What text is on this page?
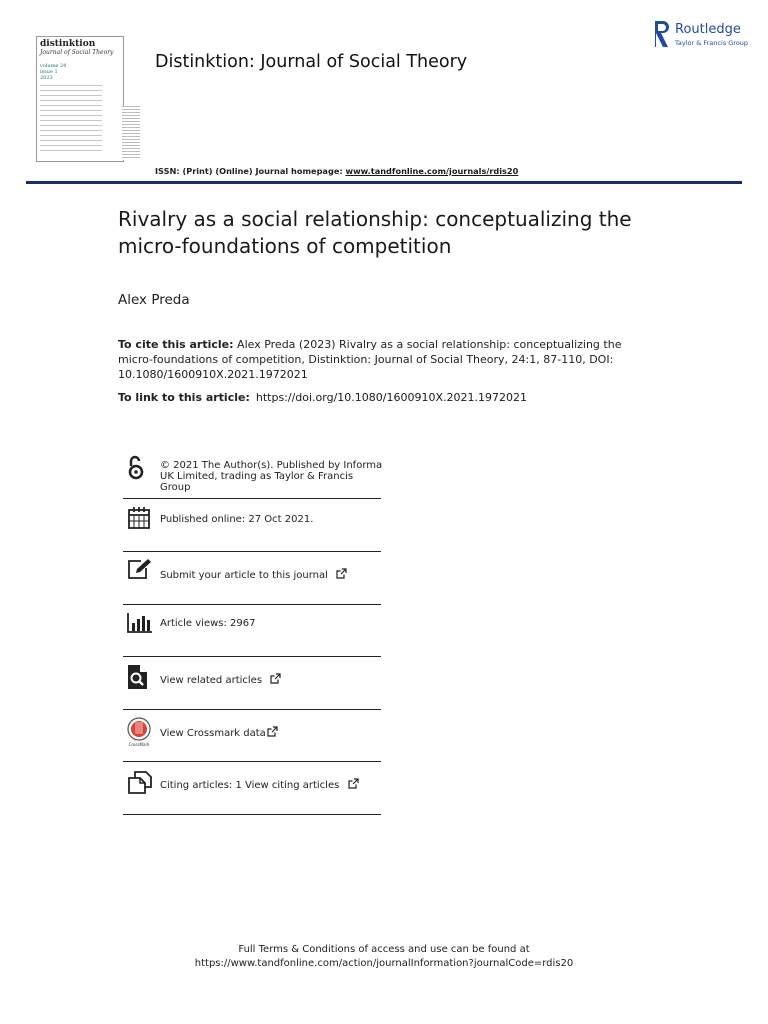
distinktion
Journal of Social Theory
volume 24
issue 1
2023
Distinktion: Journal of Social Theory
ISSN: (Print) (Online) Journal homepage: www.tandfonline.com/journals/rdis20
Routledge
Taylor & Francis Group
Rivalry as a social relationship: conceptualizing the micro-foundations of competition
Alex Preda
To cite this article: Alex Preda (2023) Rivalry as a social relationship: conceptualizing the micro-foundations of competition, Distinktion: Journal of Social Theory, 24:1, 87-110, DOI: 10.1080/1600910X.2021.1972021
To link to this article: https://doi.org/10.1080/1600910X.2021.1972021
© 2021 The Author(s). Published by Informa
UK Limited, trading as Taylor & Francis
Group
Published online: 27 Oct 2021.
Submit your article to this journal
Article views: 2967
View related articles
CrossMark
View Crossmark data
Citing articles: 1 View citing articles
Full Terms & Conditions of access and use can be found at
https://www.tandfonline.com/action/journalInformation?journalCode=rdis20
